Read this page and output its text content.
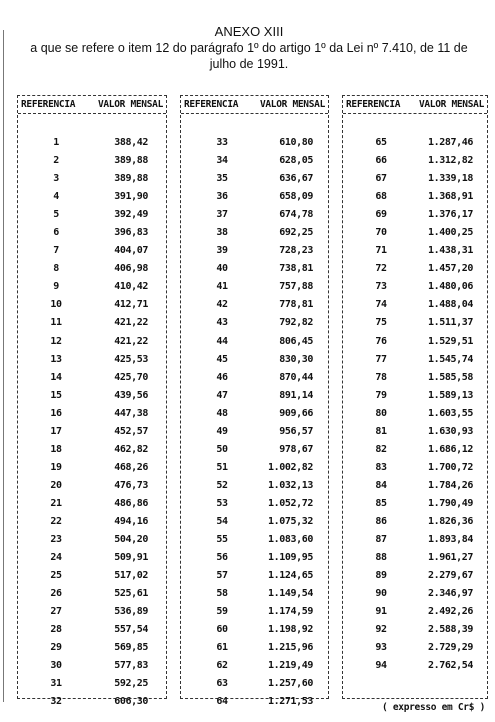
ANEXO XIII
a que se refere o item 12 do parágrafo 1º do artigo 1º da Lei nº 7.410, de 11 de
julho de 1991.
REFERENCIA VALOR MENSAL
1	388,42
2	389,88
3	389,88
4	391,90
5	392,49
6	396,83
7	404,07
8	406,98
9	410,42
10	412,71
11	421,22
12	421,22
13	425,53
14	425,70
15	439,56
16	447,38
17	452,57
18	462,82
19	468,26
20	476,73
21	486,86
22	494,16
23	504,20
24	509,91
25	517,02
26	525,61
27	536,89
28	557,54
29	569,85
30	577,83
31	592,25
32	606,30
REFERENCIA VALOR MENSAL
33	610,80
34	628,05
35	636,67
36	658,09
37	674,78
38	692,25
39	728,23
40	738,81
41	757,88
42	778,81
43	792,82
44	806,45
45	830,30
46	870,44
47	891,14
48	909,66
49	956,57
50	978,67
51	1.002,82
52	1.032,13
53	1.052,72
54	1.075,32
55	1.083,60
56	1.109,95
57	1.124,65
58	1.149,54
59	1.174,59
60	1.198,92
61	1.215,96
62	1.219,49
63	1.257,60
64	1.271,53
REFERENCIA VALOR MENSAL
65	1.287,46
66	1.312,82
67	1.339,18
68	1.368,91
69	1.376,17
70	1.400,25
71	1.438,31
72	1.457,20
73	1.480,06
74	1.488,04
75	1.511,37
76	1.529,51
77	1.545,74
78	1.585,58
79	1.589,13
80	1.603,55
81	1.630,93
82	1.686,12
83	1.700,72
84	1.784,26
85	1.790,49
86	1.826,36
87	1.893,84
88	1.961,27
89	2.279,67
90	2.346,97
91	2.492,26
92	2.588,39
93	2.729,29
94	2.762,54
( expresso em Cr$ )
